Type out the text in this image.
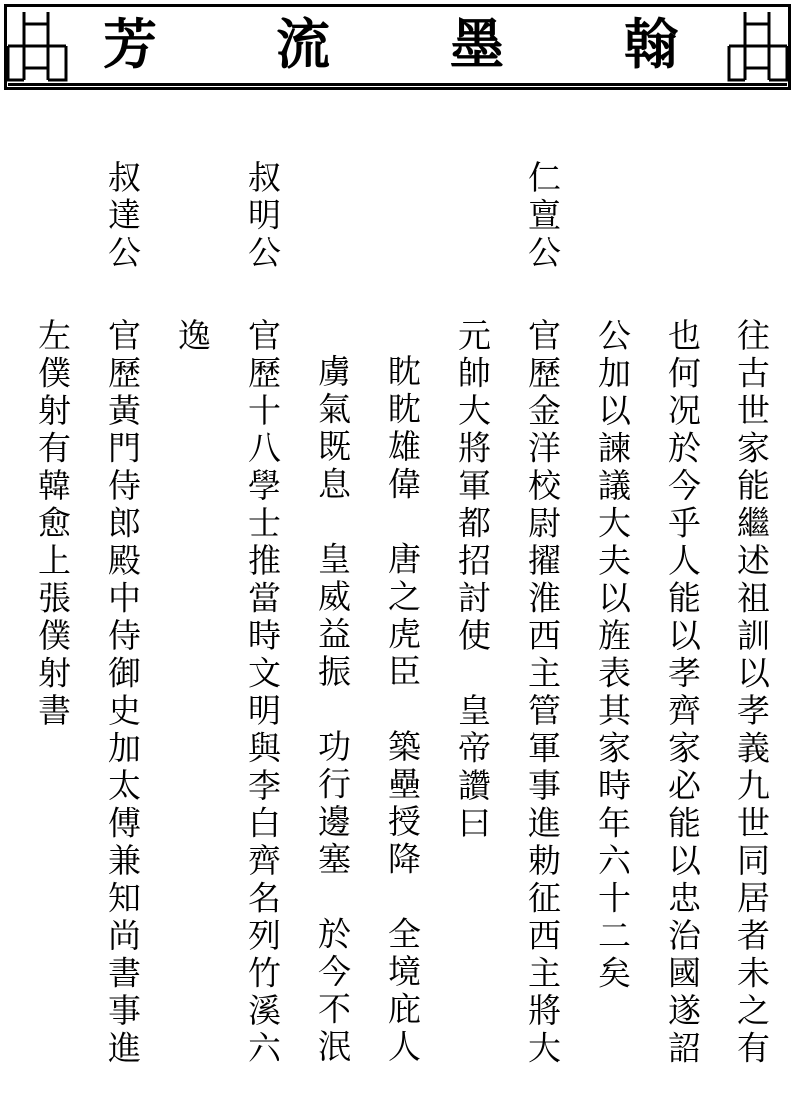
芳 流 墨 翰
往古世家能繼述祖訓以孝義九世同居者未之有
也何况於今乎人能以孝齊家必能以忠治國遂詔
公加以諫議大夫以旌表其家時年六十二矣
仁亶公
官歷金洋校尉擢淮西主管軍事進勅征西主將大
元帥大將軍都招討使　皇帝讚曰
眈眈雄偉　唐之虎臣　築壘授降　全境庇人
虜氣既息　皇威益振　功行邊塞　於今不泯
叔明公
官歷十八學士推當時文明與李白齊名列竹溪六
逸
叔達公
官歷黃門侍郎殿中侍御史加太傅兼知尚書事進
左僕射有韓愈上張僕射書
